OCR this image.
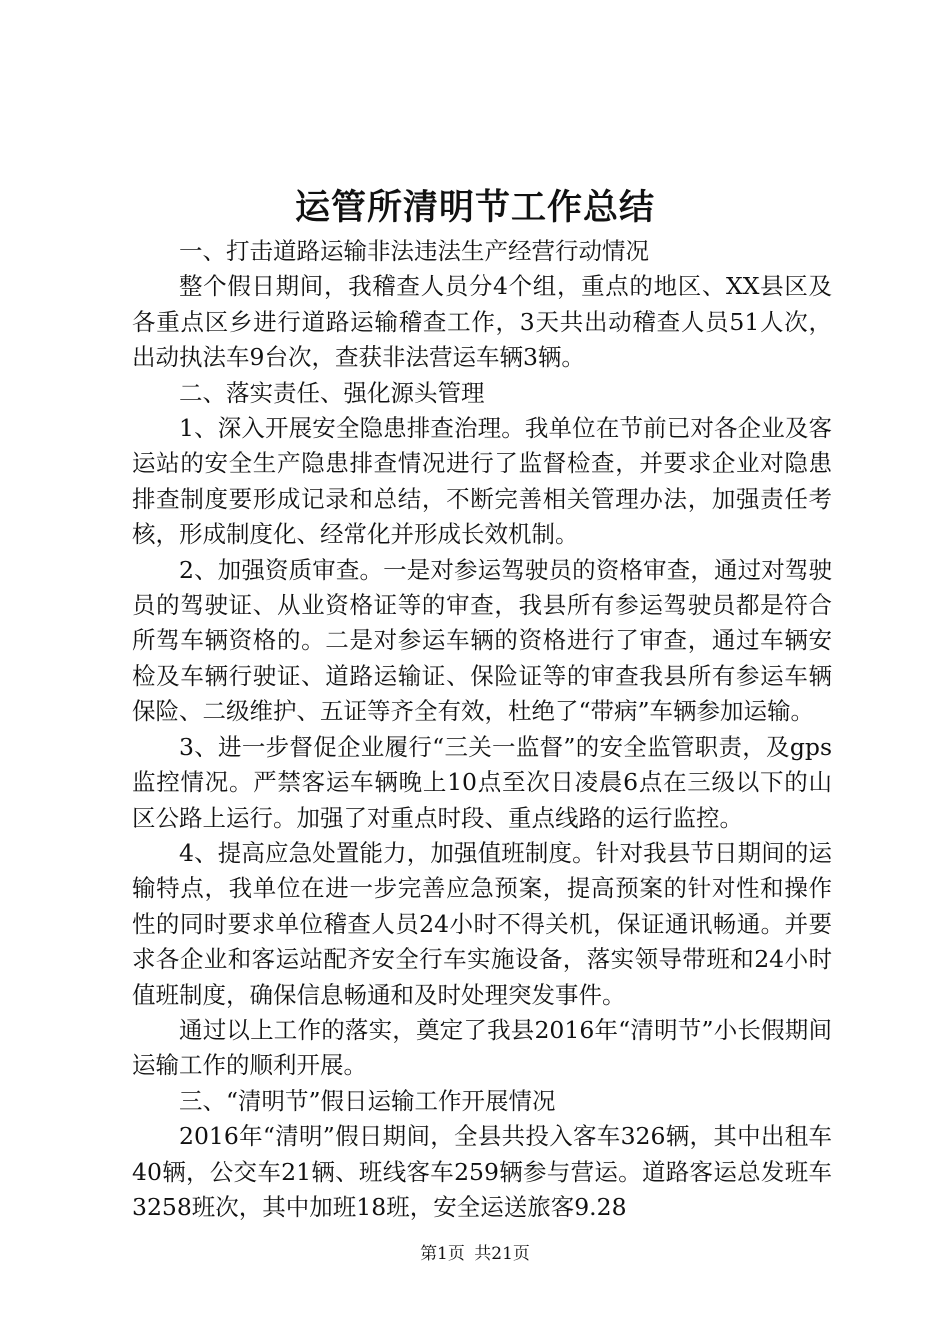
运管所清明节工作总结

一、打击道路运输非法违法生产经营行动情况

整个假日期间，我稽查人员分4个组，重点的地区、XX县区及各重点区乡进行道路运输稽查工作，3天共出动稽查人员51人次，出动执法车9台次，查获非法营运车辆3辆。

二、落实责任、强化源头管理

1、深入开展安全隐患排查治理。我单位在节前已对各企业及客运站的安全生产隐患排查情况进行了监督检查，并要求企业对隐患排查制度要形成记录和总结，不断完善相关管理办法，加强责任考核，形成制度化、经常化并形成长效机制。

2、加强资质审查。一是对参运驾驶员的资格审查，通过对驾驶员的驾驶证、从业资格证等的审查，我县所有参运驾驶员都是符合所驾车辆资格的。二是对参运车辆的资格进行了审查，通过车辆安检及车辆行驶证、道路运输证、保险证等的审查我县所有参运车辆保险、二级维护、五证等齐全有效，杜绝了“带病”车辆参加运输。

3、进一步督促企业履行“三关一监督”的安全监管职责，及gps监控情况。严禁客运车辆晚上10点至次日凌晨6点在三级以下的山区公路上运行。加强了对重点时段、重点线路的运行监控。

4、提高应急处置能力，加强值班制度。针对我县节日期间的运输特点，我单位在进一步完善应急预案，提高预案的针对性和操作性的同时要求单位稽查人员24小时不得关机，保证通讯畅通。并要求各企业和客运站配齐安全行车实施设备，落实领导带班和24小时值班制度，确保信息畅通和及时处理突发事件。

通过以上工作的落实，奠定了我县2016年“清明节”小长假期间运输工作的顺利开展。

三、“清明节”假日运输工作开展情况

2016年“清明”假日期间，全县共投入客车326辆，其中出租车40辆，公交车21辆、班线客车259辆参与营运。道路客运总发班车3258班次，其中加班18班，安全运送旅客9.28

第1页 共21页
